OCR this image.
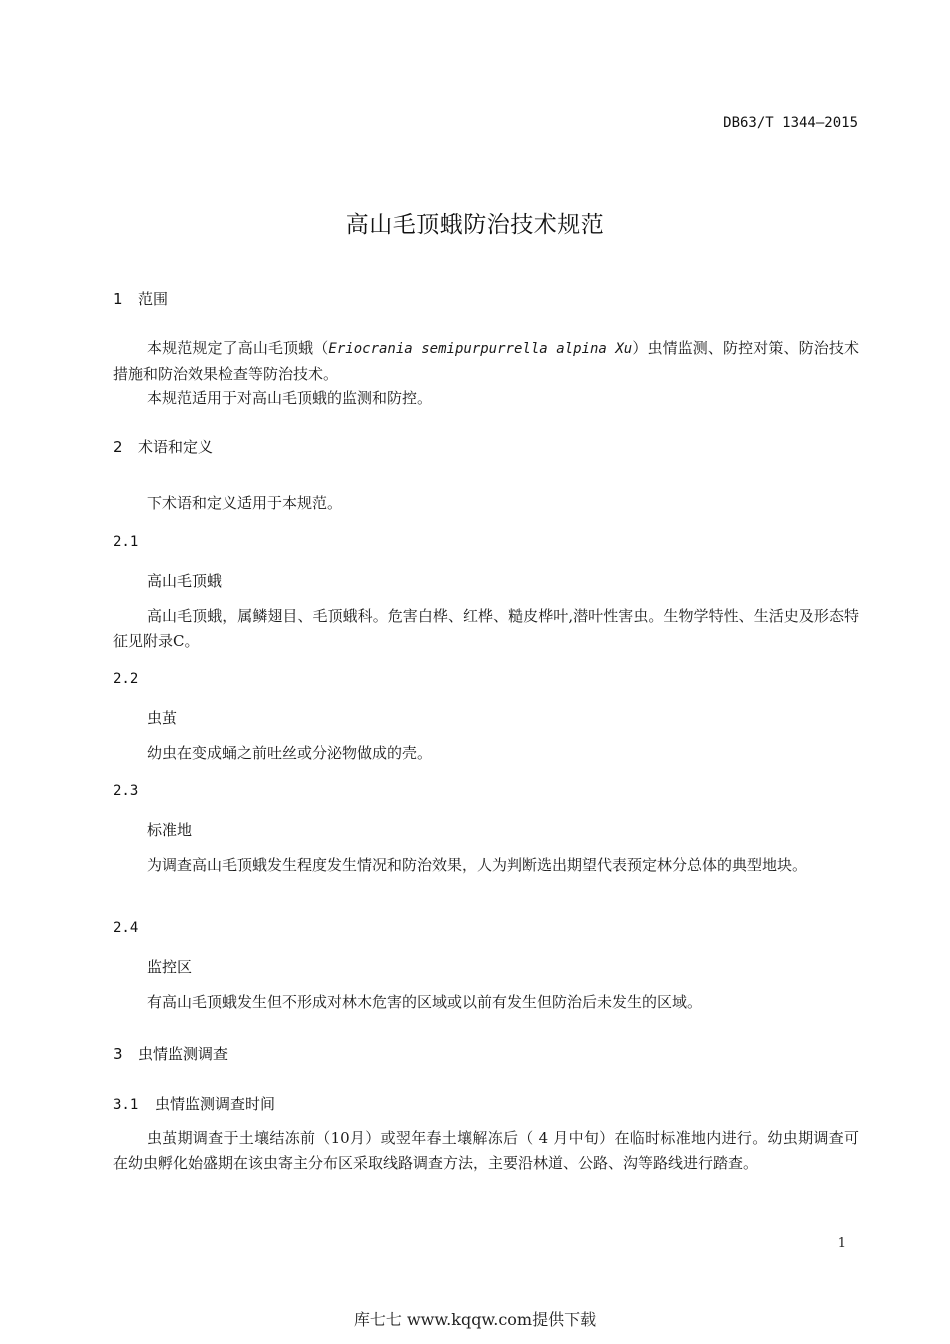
DB63/T 1344—2015
高山毛顶蛾防治技术规范
1 范围
本规范规定了高山毛顶蛾（Eriocrania semipurpurrella alpina Xu）虫情监测、防控对策、防治技术措施和防治效果检查等防治技术。
本规范适用于对高山毛顶蛾的监测和防控。
2 术语和定义
下术语和定义适用于本规范。
2.1
高山毛顶蛾
高山毛顶蛾，属鳞翅目、毛顶蛾科。危害白桦、红桦、糙皮桦叶,潜叶性害虫。生物学特性、生活史及形态特征见附录C。
2.2
虫茧
幼虫在变成蛹之前吐丝或分泌物做成的壳。
2.3
标准地
为调查高山毛顶蛾发生程度发生情况和防治效果，人为判断选出期望代表预定林分总体的典型地块。
2.4
监控区
有高山毛顶蛾发生但不形成对林木危害的区域或以前有发生但防治后未发生的区域。
3 虫情监测调查
3.1 虫情监测调查时间
虫茧期调查于土壤结冻前（10月）或翌年春土壤解冻后（ 4 月中旬）在临时标准地内进行。幼虫期调查可在幼虫孵化始盛期在该虫寄主分布区采取线路调查方法，主要沿林道、公路、沟等路线进行踏查。
1
库七七 www.kqqw.com提供下载
